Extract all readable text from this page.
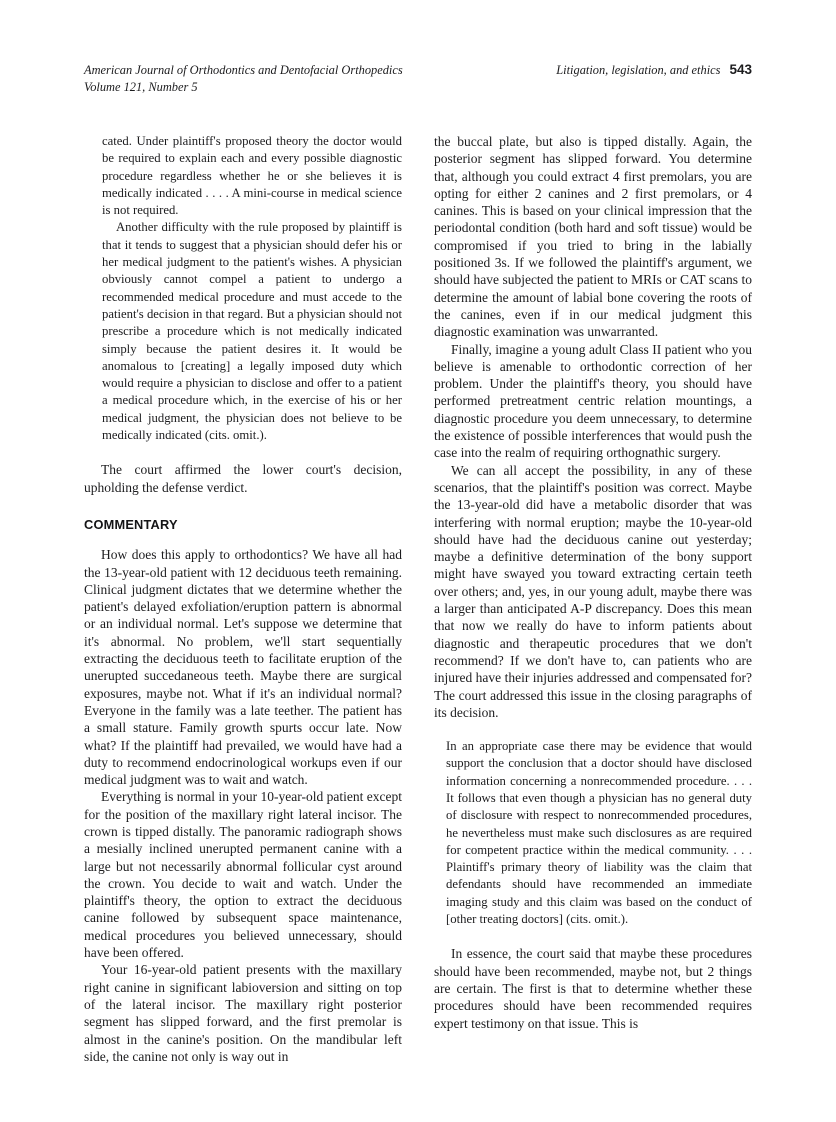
American Journal of Orthodontics and Dentofacial Orthopedics
Volume 121, Number 5
Litigation, legislation, and ethics 543

cated. Under plaintiff's proposed theory the doctor would be required to explain each and every possible diagnostic procedure regardless whether he or she believes it is medically indicated . . . . A mini-course in medical science is not required.

Another difficulty with the rule proposed by plaintiff is that it tends to suggest that a physician should defer his or her medical judgment to the patient's wishes. A physician obviously cannot compel a patient to undergo a recommended medical procedure and must accede to the patient's decision in that regard. But a physician should not prescribe a procedure which is not medically indicated simply because the patient desires it. It would be anomalous to [creating] a legally imposed duty which would require a physician to disclose and offer to a patient a medical procedure which, in the exercise of his or her medical judgment, the physician does not believe to be medically indicated (cits. omit.).

The court affirmed the lower court's decision, upholding the defense verdict.

COMMENTARY

How does this apply to orthodontics? We have all had the 13-year-old patient with 12 deciduous teeth remaining. Clinical judgment dictates that we determine whether the patient's delayed exfoliation/eruption pattern is abnormal or an individual normal. Let's suppose we determine that it's abnormal. No problem, we'll start sequentially extracting the deciduous teeth to facilitate eruption of the unerupted succedaneous teeth. Maybe there are surgical exposures, maybe not. What if it's an individual normal? Everyone in the family was a late teether. The patient has a small stature. Family growth spurts occur late. Now what? If the plaintiff had prevailed, we would have had a duty to recommend endocrinological workups even if our medical judgment was to wait and watch.

Everything is normal in your 10-year-old patient except for the position of the maxillary right lateral incisor. The crown is tipped distally. The panoramic radiograph shows a mesially inclined unerupted permanent canine with a large but not necessarily abnormal follicular cyst around the crown. You decide to wait and watch. Under the plaintiff's theory, the option to extract the deciduous canine followed by subsequent space maintenance, medical procedures you believed unnecessary, should have been offered.

Your 16-year-old patient presents with the maxillary right canine in significant labioversion and sitting on top of the lateral incisor. The maxillary right posterior segment has slipped forward, and the first premolar is almost in the canine's position. On the mandibular left side, the canine not only is way out in

the buccal plate, but also is tipped distally. Again, the posterior segment has slipped forward. You determine that, although you could extract 4 first premolars, you are opting for either 2 canines and 2 first premolars, or 4 canines. This is based on your clinical impression that the periodontal condition (both hard and soft tissue) would be compromised if you tried to bring in the labially positioned 3s. If we followed the plaintiff's argument, we should have subjected the patient to MRIs or CAT scans to determine the amount of labial bone covering the roots of the canines, even if in our medical judgment this diagnostic examination was unwarranted.

Finally, imagine a young adult Class II patient who you believe is amenable to orthodontic correction of her problem. Under the plaintiff's theory, you should have performed pretreatment centric relation mountings, a diagnostic procedure you deem unnecessary, to determine the existence of possible interferences that would push the case into the realm of requiring orthognathic surgery.

We can all accept the possibility, in any of these scenarios, that the plaintiff's position was correct. Maybe the 13-year-old did have a metabolic disorder that was interfering with normal eruption; maybe the 10-year-old should have had the deciduous canine out yesterday; maybe a definitive determination of the bony support might have swayed you toward extracting certain teeth over others; and, yes, in our young adult, maybe there was a larger than anticipated A-P discrepancy. Does this mean that now we really do have to inform patients about diagnostic and therapeutic procedures that we don't recommend? If we don't have to, can patients who are injured have their injuries addressed and compensated for? The court addressed this issue in the closing paragraphs of its decision.

In an appropriate case there may be evidence that would support the conclusion that a doctor should have disclosed information concerning a nonrecommended procedure. . . . It follows that even though a physician has no general duty of disclosure with respect to nonrecommended procedures, he nevertheless must make such disclosures as are required for competent practice within the medical community. . . . Plaintiff's primary theory of liability was the claim that defendants should have recommended an immediate imaging study and this claim was based on the conduct of [other treating doctors] (cits. omit.).

In essence, the court said that maybe these procedures should have been recommended, maybe not, but 2 things are certain. The first is that to determine whether these procedures should have been recommended requires expert testimony on that issue. This is
